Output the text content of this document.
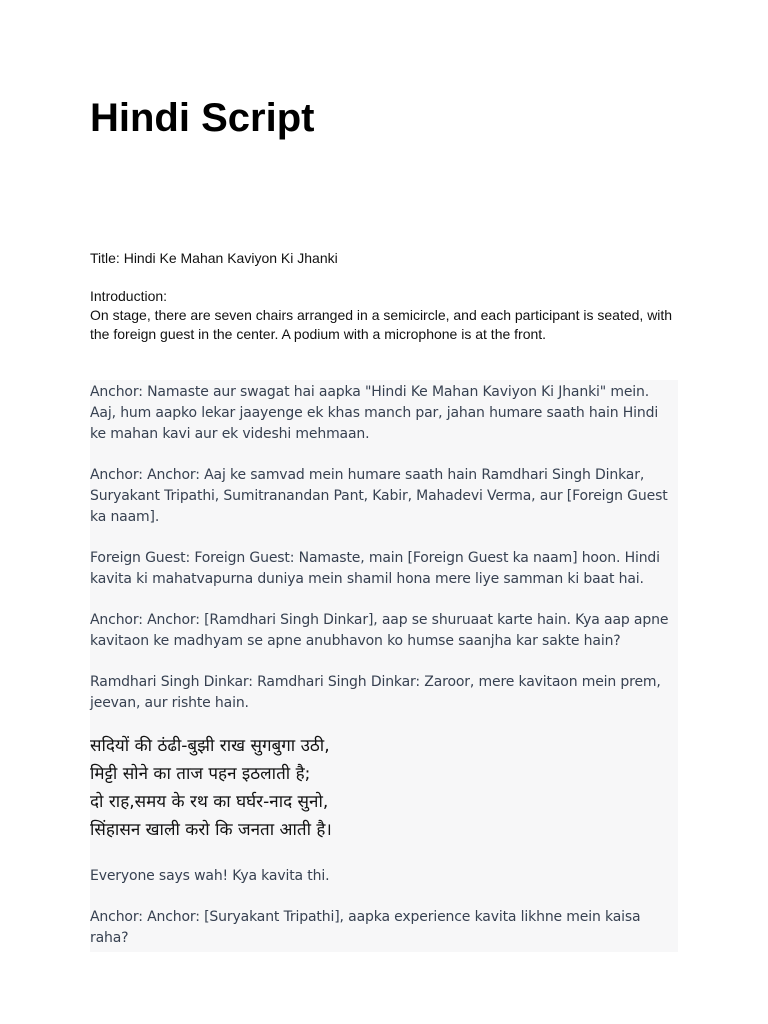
Hindi Script

Title: Hindi Ke Mahan Kaviyon Ki Jhanki

Introduction:

On stage, there are seven chairs arranged in a semicircle, and each participant is seated, with the foreign guest in the center. A podium with a microphone is at the front.

Anchor: Namaste aur swagat hai aapka "Hindi Ke Mahan Kaviyon Ki Jhanki" mein. Aaj, hum aapko lekar jaayenge ek khas manch par, jahan humare saath hain Hindi ke mahan kavi aur ek videshi mehmaan.

Anchor: Anchor: Aaj ke samvad mein humare saath hain Ramdhari Singh Dinkar, Suryakant Tripathi, Sumitranandan Pant, Kabir, Mahadevi Verma, aur [Foreign Guest ka naam].

Foreign Guest: Foreign Guest: Namaste, main [Foreign Guest ka naam] hoon. Hindi kavita ki mahatvapurna duniya mein shamil hona mere liye samman ki baat hai.

Anchor: Anchor: [Ramdhari Singh Dinkar], aap se shuruaat karte hain. Kya aap apne kavitaon ke madhyam se apne anubhavon ko humse saanjha kar sakte hain?

Ramdhari Singh Dinkar: Ramdhari Singh Dinkar: Zaroor, mere kavitaon mein prem, jeevan, aur rishte hain.

सदियों की ठंढी-बुझी राख सुगबुगा उठी,
मिट्टी सोने का ताज पहन इठलाती है;
दो राह,समय के रथ का घर्घर-नाद सुनो,
सिंहासन खाली करो कि जनता आती है।

Everyone says wah! Kya kavita thi.

Anchor: Anchor: [Suryakant Tripathi], aapka experience kavita likhne mein kaisa raha?
